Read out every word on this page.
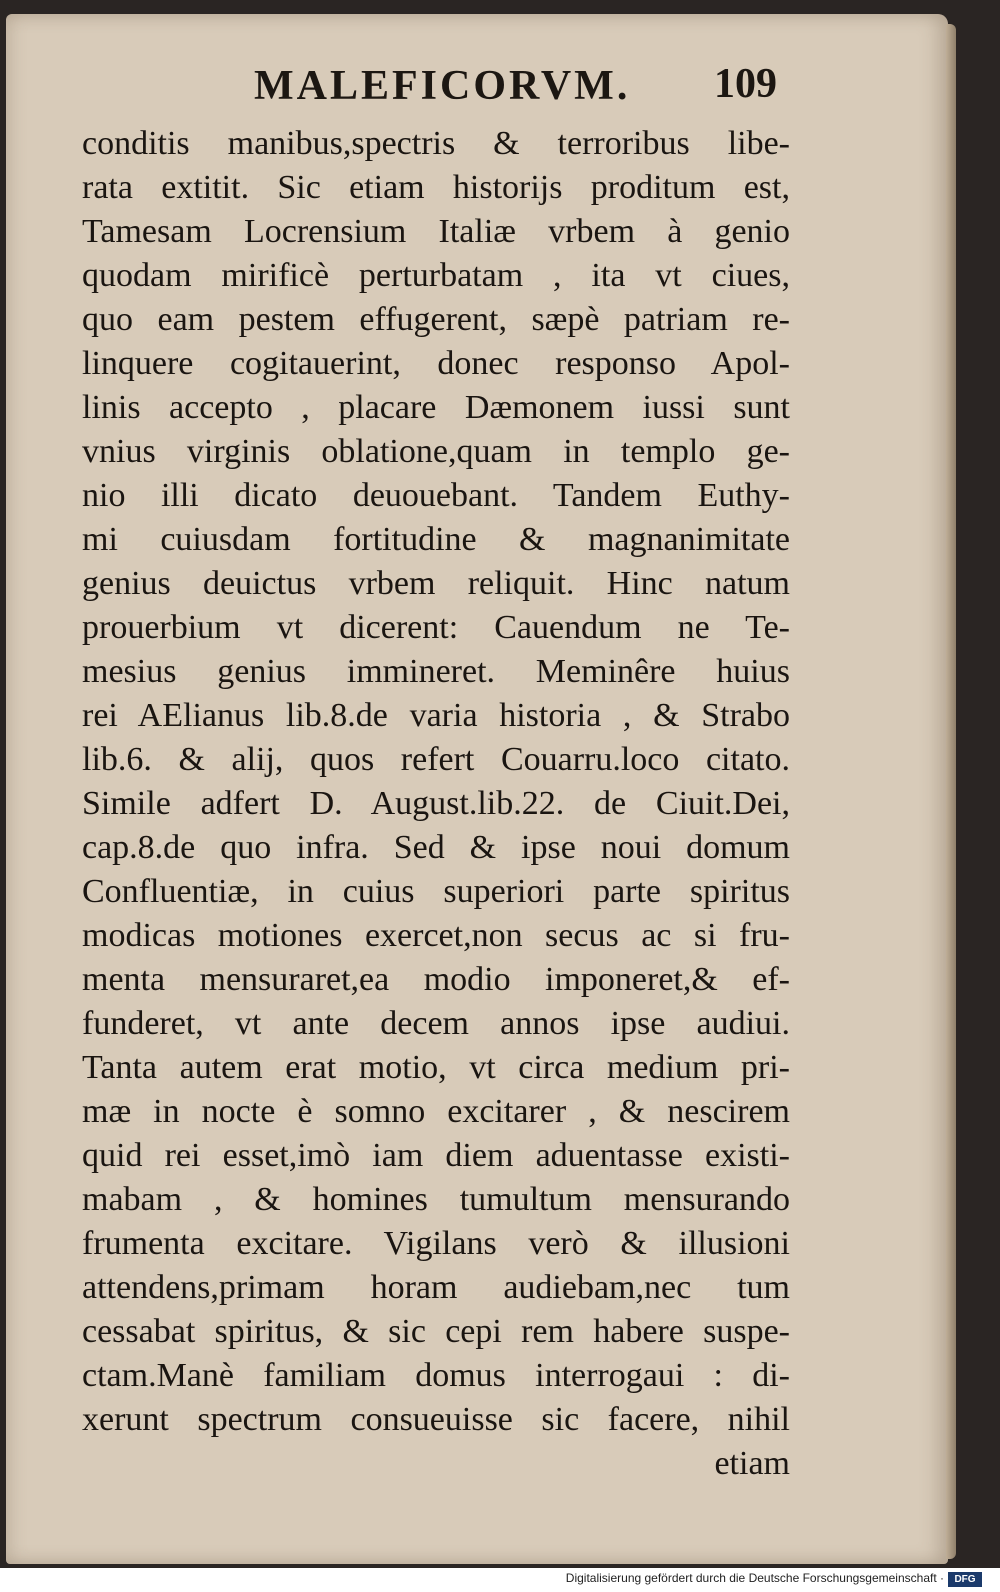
MALEFICORVM. 109
conditis manibus,spectris & terroribus libe-
rata extitit. Sic etiam historijs proditum est,
Tamesam Locrensium Italiæ vrbem à genio
quodam mirificè perturbatam , ita vt ciues,
quo eam pestem effugerent, sæpè patriam re-
linquere cogitauerint, donec responso Apol-
linis accepto , placare Dæmonem iussi sunt
vnius virginis oblatione,quam in templo ge-
nio illi dicato deuouebant. Tandem Euthy-
mi cuiusdam fortitudine & magnanimitate
genius deuictus vrbem reliquit. Hinc natum
prouerbium vt dicerent: Cauendum ne Te-
mesius genius immineret. Meminêre huius
rei AElianus lib.8.de varia historia , & Strabo
lib.6. & alij, quos refert Couarru.loco citato.
Simile adfert D. August.lib.22. de Ciuit.Dei,
cap.8.de quo infra. Sed & ipse noui domum
Confluentiæ, in cuius superiori parte spiritus
modicas motiones exercet,non secus ac si fru-
menta mensuraret,ea modio imponeret,& ef-
funderet, vt ante decem annos ipse audiui.
Tanta autem erat motio, vt circa medium pri-
mæ in nocte è somno excitarer , & nescirem
quid rei esset,imò iam diem aduentasse existi-
mabam , & homines tumultum mensurando
frumenta excitare. Vigilans verò & illusioni
attendens,primam horam audiebam,nec tum
cessabat spiritus, & sic cepi rem habere suspe-
ctam.Manè familiam domus interrogaui : di-
xerunt spectrum consueuisse sic facere, nihil
etiam
Digitalisierung gefördert durch die Deutsche Forschungsgemeinschaft ·	DFG
